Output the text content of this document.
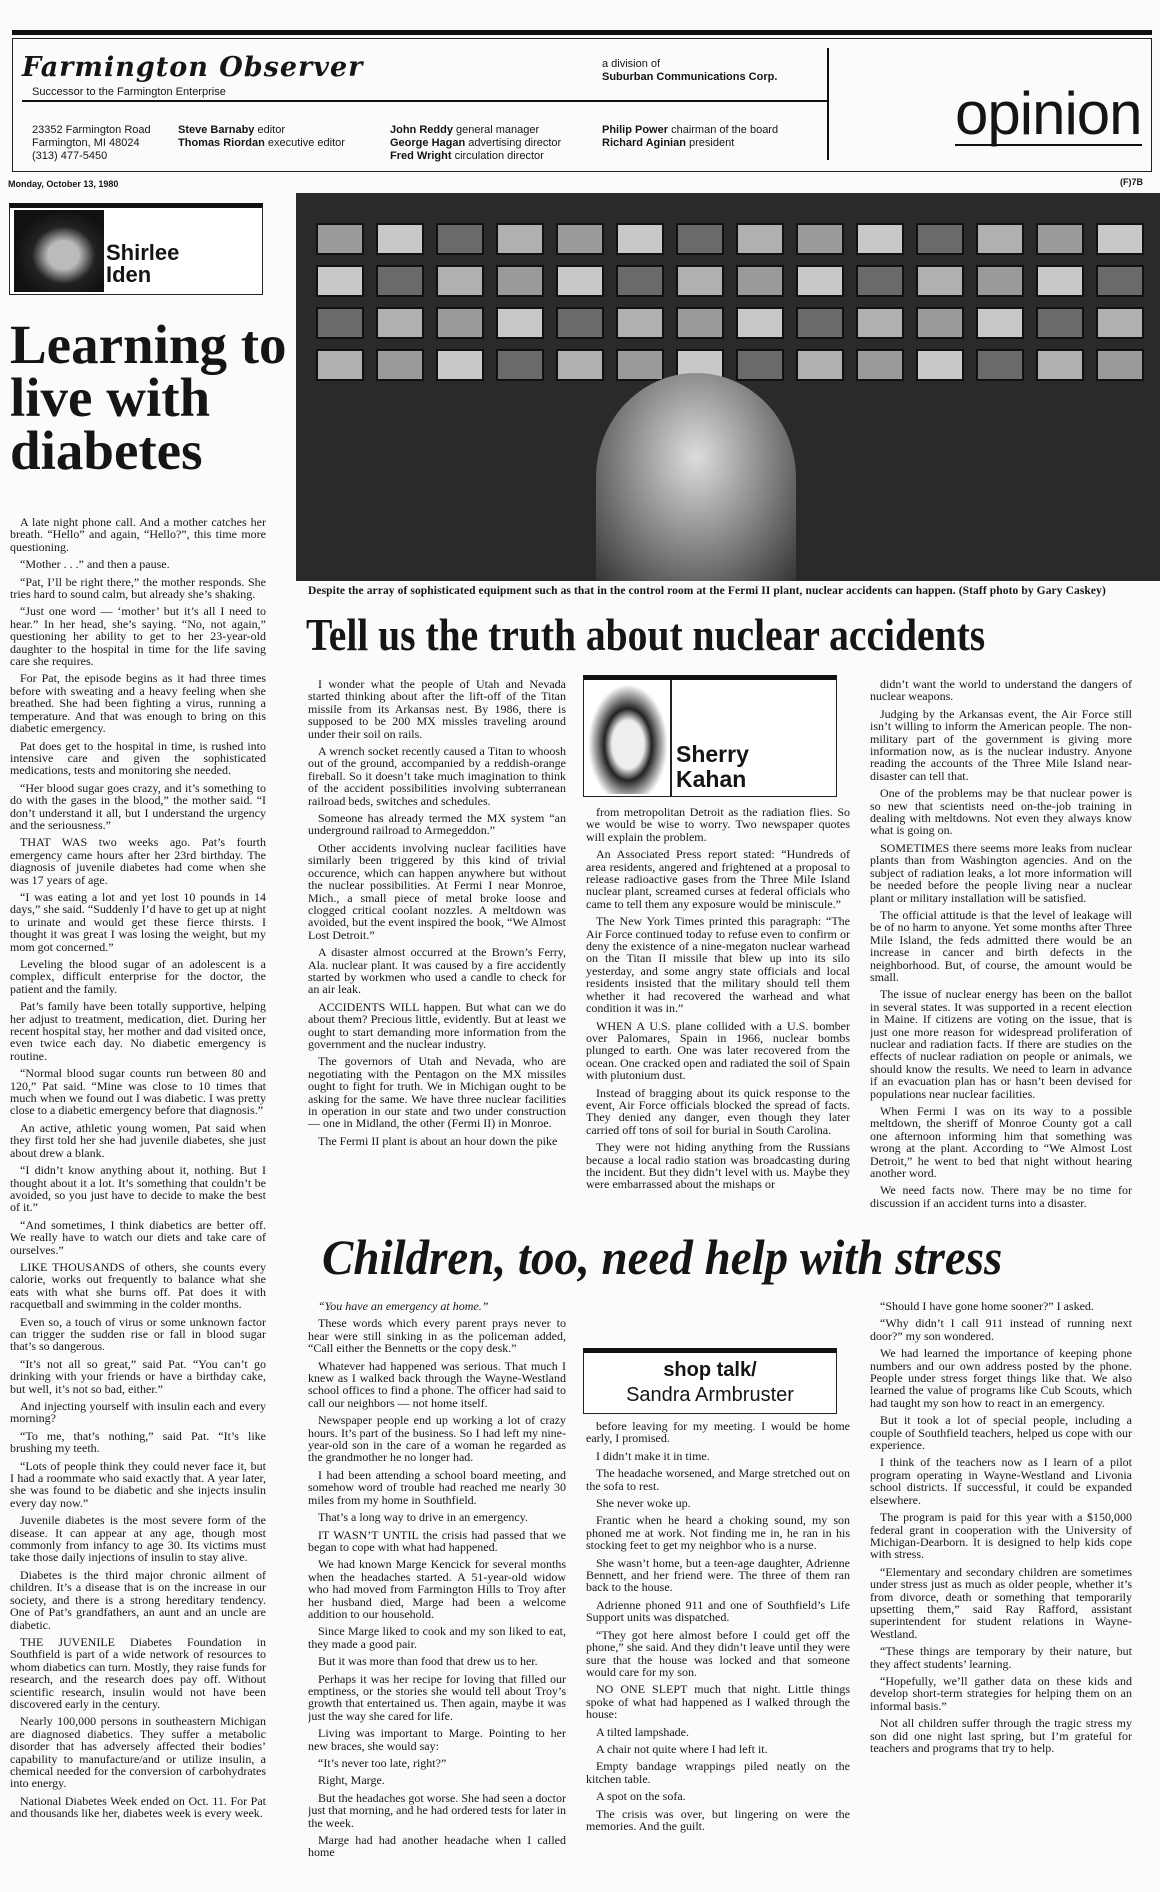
Farmington Observer
Successor to the Farmington Enterprise
a division of
Suburban Communications Corp.
23352 Farmington Road
Farmington, MI 48024
(313) 477-5450
Steve Barnaby editor
Thomas Riordan executive editor
John Reddy general manager
George Hagan advertising director
Fred Wright circulation director
Philip Power chairman of the board
Richard Aginian president	opinion
Monday, October 13, 1980	(F)7B
Shirlee
Iden
Learning to
live with
diabetes

A late night phone call. And a mother catches her breath. “Hello” and again, “Hello?”, this time more questioning.

“Mother . . .” and then a pause.

“Pat, I’ll be right there,” the mother responds. She tries hard to sound calm, but already she’s shaking.

“Just one word — ‘mother’ but it’s all I need to hear.” In her head, she’s saying. “No, not again,” questioning her ability to get to her 23-year-old daughter to the hospital in time for the life saving care she requires.

For Pat, the episode begins as it had three times before with sweating and a heavy feeling when she breathed. She had been fighting a virus, running a temperature. And that was enough to bring on this diabetic emergency.

Pat does get to the hospital in time, is rushed into intensive care and given the sophisticated medications, tests and monitoring she needed.

“Her blood sugar goes crazy, and it’s something to do with the gases in the blood,” the mother said. “I don’t understand it all, but I understand the urgency and the seriousness.”

THAT WAS two weeks ago. Pat’s fourth emergency came hours after her 23rd birthday. The diagnosis of juvenile diabetes had come when she was 17 years of age.

“I was eating a lot and yet lost 10 pounds in 14 days,” she said. “Suddenly I’d have to get up at night to urinate and would get these fierce thirsts. I thought it was great I was losing the weight, but my mom got concerned.”

Leveling the blood sugar of an adolescent is a complex, difficult enterprise for the doctor, the patient and the family.

Pat’s family have been totally supportive, helping her adjust to treatment, medication, diet. During her recent hospital stay, her mother and dad visited once, even twice each day. No diabetic emergency is routine.

“Normal blood sugar counts run between 80 and 120,” Pat said. “Mine was close to 10 times that much when we found out I was diabetic. I was pretty close to a diabetic emergency before that diagnosis.”

An active, athletic young women, Pat said when they first told her she had juvenile diabetes, she just about drew a blank.

“I didn’t know anything about it, nothing. But I thought about it a lot. It’s something that couldn’t be avoided, so you just have to decide to make the best of it.”

“And sometimes, I think diabetics are better off. We really have to watch our diets and take care of ourselves.”

LIKE THOUSANDS of others, she counts every calorie, works out frequently to balance what she eats with what she burns off. Pat does it with racquetball and swimming in the colder months.

Even so, a touch of virus or some unknown factor can trigger the sudden rise or fall in blood sugar that’s so dangerous.

“It’s not all so great,” said Pat. “You can’t go drinking with your friends or have a birthday cake, but well, it’s not so bad, either.”

And injecting yourself with insulin each and every morning?

“To me, that’s nothing,” said Pat. “It’s like brushing my teeth.

“Lots of people think they could never face it, but I had a roommate who said exactly that. A year later, she was found to be diabetic and she injects insulin every day now.”

Juvenile diabetes is the most severe form of the disease. It can appear at any age, though most commonly from infancy to age 30. Its victims must take those daily injections of insulin to stay alive.

Diabetes is the third major chronic ailment of children. It’s a disease that is on the increase in our society, and there is a strong hereditary tendency. One of Pat’s grandfathers, an aunt and an uncle are diabetic.

THE JUVENILE Diabetes Foundation in Southfield is part of a wide network of resources to whom diabetics can turn. Mostly, they raise funds for research, and the research does pay off. Without scientific research, insulin would not have been discovered early in the century.

Nearly 100,000 persons in southeastern Michigan are diagnosed diabetics. They suffer a metabolic disorder that has adversely affected their bodies’ capability to manufacture/and or utilize insulin, a chemical needed for the conversion of carbohydrates into energy.

National Diabetes Week ended on Oct. 11. For Pat and thousands like her, diabetes week is every week.

Despite the array of sophisticated equipment such as that in the control room at the Fermi II plant, nuclear accidents can happen. (Staff photo by Gary Caskey)
Tell us the truth about nuclear accidents

I wonder what the people of Utah and Nevada started thinking about after the lift-off of the Titan missile from its Arkansas nest. By 1986, there is supposed to be 200 MX missles traveling around under their soil on rails.

A wrench socket recently caused a Titan to whoosh out of the ground, accompanied by a reddish-orange fireball. So it doesn’t take much imagination to think of the accident possibilities involving subterranean railroad beds, switches and schedules.

Someone has already termed the MX system “an underground railroad to Armegeddon.”

Other accidents involving nuclear facilities have similarly been triggered by this kind of trivial occurence, which can happen anywhere but without the nuclear possibilities. At Fermi I near Monroe, Mich., a small piece of metal broke loose and clogged critical coolant nozzles. A meltdown was avoided, but the event inspired the book, “We Almost Lost Detroit.”

A disaster almost occurred at the Brown’s Ferry, Ala. nuclear plant. It was caused by a fire accidently started by workmen who used a candle to check for an air leak.

ACCIDENTS WILL happen. But what can we do about them? Precious little, evidently. But at least we ought to start demanding more information from the government and the nuclear industry.

The governors of Utah and Nevada, who are negotiating with the Pentagon on the MX missiles ought to fight for truth. We in Michigan ought to be asking for the same. We have three nuclear facilities in operation in our state and two under construction — one in Midland, the other (Fermi II) in Monroe.

The Fermi II plant is about an hour down the pike

Sherry
Kahan

from metropolitan Detroit as the radiation flies. So we would be wise to worry. Two newspaper quotes will explain the problem.

An Associated Press report stated: “Hundreds of area residents, angered and frightened at a proposal to release radioactive gases from the Three Mile Island nuclear plant, screamed curses at federal officials who came to tell them any exposure would be miniscule.”

The New York Times printed this paragraph: “The Air Force continued today to refuse even to confirm or deny the existence of a nine-megaton nuclear warhead on the Titan II missile that blew up into its silo yesterday, and some angry state officials and local residents insisted that the military should tell them whether it had recovered the warhead and what condition it was in.”

WHEN A U.S. plane collided with a U.S. bomber over Palomares, Spain in 1966, nuclear bombs plunged to earth. One was later recovered from the ocean. One cracked open and radiated the soil of Spain with plutonium dust.

Instead of bragging about its quick response to the event, Air Force officials blocked the spread of facts. They denied any danger, even though they later carried off tons of soil for burial in South Carolina.

They were not hiding anything from the Russians because a local radio station was broadcasting during the incident. But they didn’t level with us. Maybe they were embarrassed about the mishaps or

didn’t want the world to understand the dangers of nuclear weapons.

Judging by the Arkansas event, the Air Force still isn’t willing to inform the American people. The non-military part of the government is giving more information now, as is the nuclear industry. Anyone reading the accounts of the Three Mile Island near-disaster can tell that.

One of the problems may be that nuclear power is so new that scientists need on-the-job training in dealing with meltdowns. Not even they always know what is going on.

SOMETIMES there seems more leaks from nuclear plants than from Washington agencies. And on the subject of radiation leaks, a lot more information will be needed before the people living near a nuclear plant or military installation will be satisfied.

The official attitude is that the level of leakage will be of no harm to anyone. Yet some months after Three Mile Island, the feds admitted there would be an increase in cancer and birth defects in the neighborhood. But, of course, the amount would be small.

The issue of nuclear energy has been on the ballot in several states. It was supported in a recent election in Maine. If citizens are voting on the issue, that is just one more reason for widespread proliferation of nuclear and radiation facts. If there are studies on the effects of nuclear radiation on people or animals, we should know the results. We need to learn in advance if an evacuation plan has or hasn’t been devised for populations near nuclear facilities.

When Fermi I was on its way to a possible meltdown, the sheriff of Monroe County got a call one afternoon informing him that something was wrong at the plant. According to “We Almost Lost Detroit,” he went to bed that night without hearing another word.

We need facts now. There may be no time for discussion if an accident turns into a disaster.

Children, too, need help with stress

“You have an emergency at home.”

These words which every parent prays never to hear were still sinking in as the policeman added, “Call either the Bennetts or the copy desk.”

Whatever had happened was serious. That much I knew as I walked back through the Wayne-Westland school offices to find a phone. The officer had said to call our neighbors — not home itself.

Newspaper people end up working a lot of crazy hours. It’s part of the business. So I had left my nine-year-old son in the care of a woman he regarded as the grandmother he no longer had.

I had been attending a school board meeting, and somehow word of trouble had reached me nearly 30 miles from my home in Southfield.

That’s a long way to drive in an emergency.

IT WASN’T UNTIL the crisis had passed that we began to cope with what had happened.

We had known Marge Kencick for several months when the headaches started. A 51-year-old widow who had moved from Farmington Hills to Troy after her husband died, Marge had been a welcome addition to our household.

Since Marge liked to cook and my son liked to eat, they made a good pair.

But it was more than food that drew us to her.

Perhaps it was her recipe for loving that filled our emptiness, or the stories she would tell about Troy’s growth that entertained us. Then again, maybe it was just the way she cared for life.

Living was important to Marge. Pointing to her new braces, she would say:

“It’s never too late, right?”

Right, Marge.

But the headaches got worse. She had seen a doctor just that morning, and he had ordered tests for later in the week.

Marge had had another headache when I called home

shop talk/
Sandra Armbruster

before leaving for my meeting. I would be home early, I promised.

I didn’t make it in time.

The headache worsened, and Marge stretched out on the sofa to rest.

She never woke up.

Frantic when he heard a choking sound, my son phoned me at work. Not finding me in, he ran in his stocking feet to get my neighbor who is a nurse.

She wasn’t home, but a teen-age daughter, Adrienne Bennett, and her friend were. The three of them ran back to the house.

Adrienne phoned 911 and one of Southfield’s Life Support units was dispatched.

“They got here almost before I could get off the phone,” she said. And they didn’t leave until they were sure that the house was locked and that someone would care for my son.

NO ONE SLEPT much that night. Little things spoke of what had happened as I walked through the house:

A tilted lampshade.

A chair not quite where I had left it.

Empty bandage wrappings piled neatly on the kitchen table.

A spot on the sofa.

The crisis was over, but lingering on were the memories. And the guilt.

“Should I have gone home sooner?” I asked.

“Why didn’t I call 911 instead of running next door?” my son wondered.

We had learned the importance of keeping phone numbers and our own address posted by the phone. People under stress forget things like that. We also learned the value of programs like Cub Scouts, which had taught my son how to react in an emergency.

But it took a lot of special people, including a couple of Southfield teachers, helped us cope with our experience.

I think of the teachers now as I learn of a pilot program operating in Wayne-Westland and Livonia school districts. If successful, it could be expanded elsewhere.

The program is paid for this year with a $150,000 federal grant in cooperation with the University of Michigan-Dearborn. It is designed to help kids cope with stress.

“Elementary and secondary children are sometimes under stress just as much as older people, whether it’s from divorce, death or something that temporarily upsetting them,” said Ray Rafford, assistant superintendent for student relations in Wayne-Westland.

“These things are temporary by their nature, but they affect students’ learning.

“Hopefully, we’ll gather data on these kids and develop short-term strategies for helping them on an informal basis.”

Not all children suffer through the tragic stress my son did one night last spring, but I’m grateful for teachers and programs that try to help.
